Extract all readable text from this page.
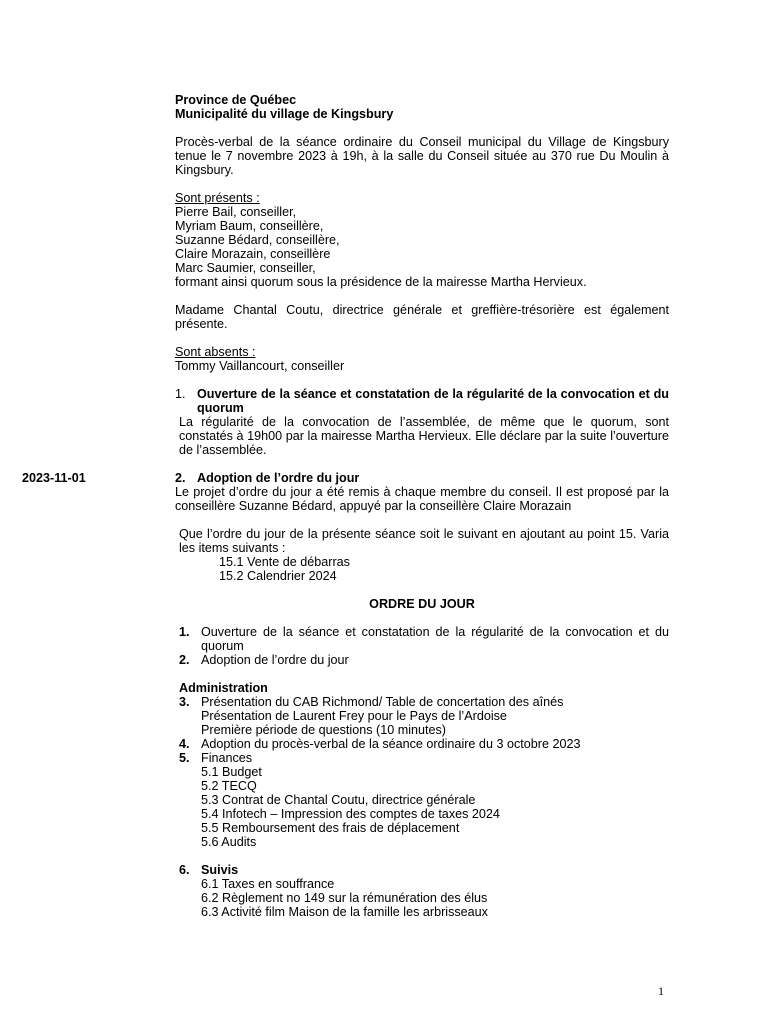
Province de Québec

Municipalité du village de Kingsbury

Procès-verbal de la séance ordinaire du Conseil municipal du Village de Kingsbury tenue le 7 novembre 2023 à 19h, à la salle du Conseil située au 370 rue Du Moulin à Kingsbury.

Sont présents :

Pierre Bail, conseiller,

Myriam Baum, conseillère,

Suzanne Bédard, conseillère,

Claire Morazain, conseillère

Marc Saumier, conseiller,

formant ainsi quorum sous la présidence de la mairesse Martha Hervieux.

Madame Chantal Coutu, directrice générale et greffière-trésorière est également présente.

Sont absents :

Tommy Vaillancourt, conseiller

1. Ouverture de la séance et constatation de la régularité de la convocation et du quorum

La régularité de la convocation de l’assemblée, de même que le quorum, sont constatés à 19h00 par la mairesse Martha Hervieux. Elle déclare par la suite l’ouverture de l’assemblée.

2. Adoption de l’ordre du jour

Le projet d’ordre du jour a été remis à chaque membre du conseil. Il est proposé par la conseillère Suzanne Bédard, appuyé par la conseillère Claire Morazain

Que l’ordre du jour de la présente séance soit le suivant en ajoutant au point 15. Varia les items suivants :

15.1 Vente de débarras

15.2 Calendrier 2024

ORDRE DU JOUR

1. Ouverture de la séance et constatation de la régularité de la convocation et du quorum
2. Adoption de l’ordre du jour

Administration

3. Présentation du CAB Richmond/ Table de concertation des aînés

Présentation de Laurent Frey pour le Pays de l’Ardoise

Première période de questions (10 minutes)

4. Adoption du procès-verbal de la séance ordinaire du 3 octobre 2023
5. Finances

5.1 Budget

5.2 TECQ

5.3 Contrat de Chantal Coutu, directrice générale

5.4 Infotech – Impression des comptes de taxes 2024

5.5 Remboursement des frais de déplacement

5.6 Audits

6. Suivis

6.1 Taxes en souffrance

6.2 Règlement no 149 sur la rémunération des élus

6.3 Activité film Maison de la famille les arbrisseaux

2023-11-01
1
